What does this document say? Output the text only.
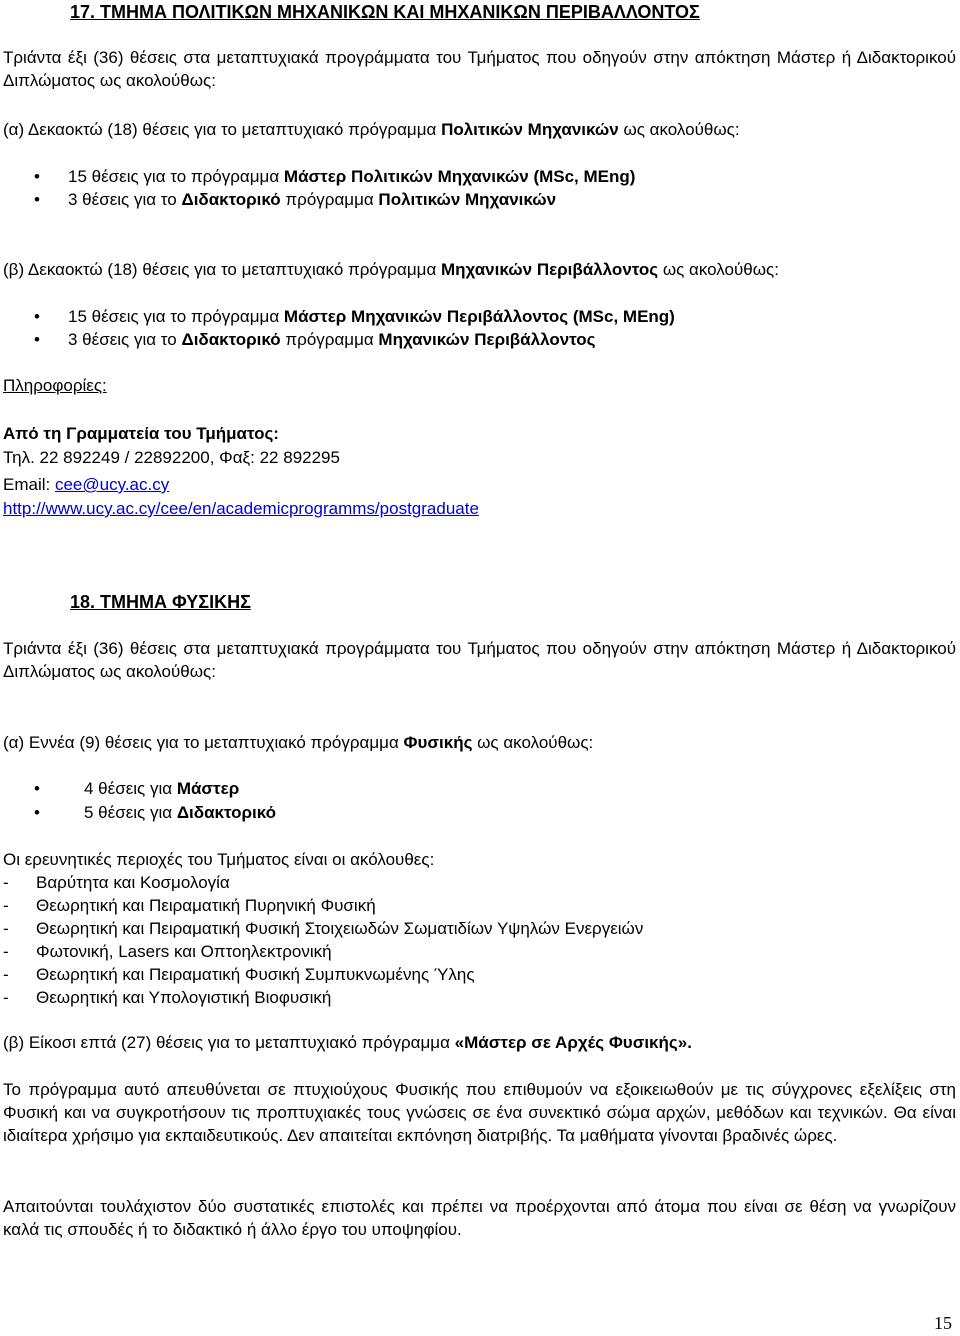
17. ΤΜΗΜΑ ΠΟΛΙΤΙΚΩΝ ΜΗΧΑΝΙΚΩΝ ΚΑΙ ΜΗΧΑΝΙΚΩΝ ΠΕΡΙΒΑΛΛΟΝΤΟΣ

Τριάντα έξι (36) θέσεις στα μεταπτυχιακά προγράμματα του Τμήματος που οδηγούν στην απόκτηση Μάστερ ή Διδακτορικού Διπλώματος ως ακολούθως:

(α) Δεκαοκτώ (18) θέσεις για το μεταπτυχιακό πρόγραμμα Πολιτικών Μηχανικών ως ακολούθως:

• 15 θέσεις για το πρόγραμμα Μάστερ Πολιτικών Μηχανικών (MSc, MEng)

• 3 θέσεις για το Διδακτορικό πρόγραμμα Πολιτικών Μηχανικών

(β) Δεκαοκτώ (18) θέσεις για το μεταπτυχιακό πρόγραμμα Μηχανικών Περιβάλλοντος ως ακολούθως:

• 15 θέσεις για το πρόγραμμα Μάστερ Μηχανικών Περιβάλλοντος (MSc, MEng)

• 3 θέσεις για το Διδακτορικό πρόγραμμα Μηχανικών Περιβάλλοντος

Πληροφορίες:

Από τη Γραμματεία του Τμήματος:

Τηλ. 22 892249 / 22892200, Φαξ: 22 892295

Email: cee@ucy.ac.cy

http://www.ucy.ac.cy/cee/en/academicprogramms/postgraduate

18. ΤΜΗΜΑ ΦΥΣΙΚΗΣ

Τριάντα έξι (36) θέσεις στα μεταπτυχιακά προγράμματα του Τμήματος που οδηγούν στην απόκτηση Μάστερ ή Διδακτορικού Διπλώματος ως ακολούθως:

(α) Εννέα (9) θέσεις για το μεταπτυχιακό πρόγραμμα Φυσικής ως ακολούθως:

•	4 θέσεις για Μάστερ

•	5 θέσεις για Διδακτορικό

Οι ερευνητικές περιοχές του Τμήματος είναι οι ακόλουθες:

- Βαρύτητα και Κοσμολογία

- Θεωρητική και Πειραματική Πυρηνική Φυσική

- Θεωρητική και Πειραματική Φυσική Στοιχειωδών Σωματιδίων Υψηλών Ενεργειών

- Φωτονική, Lasers και Οπτοηλεκτρονική

- Θεωρητική και Πειραματική Φυσική Συμπυκνωμένης Ύλης

- Θεωρητική και Υπολογιστική Βιοφυσική

(β) Είκοσι επτά (27) θέσεις για το μεταπτυχιακό πρόγραμμα «Μάστερ σε Αρχές Φυσικής».

Το πρόγραμμα αυτό απευθύνεται σε πτυχιούχους Φυσικής που επιθυμούν να εξοικειωθούν με τις σύγχρονες εξελίξεις στη Φυσική και να συγκροτήσουν τις προπτυχιακές τους γνώσεις σε ένα συνεκτικό σώμα αρχών, μεθόδων και τεχνικών. Θα είναι ιδιαίτερα χρήσιμο για εκπαιδευτικούς. Δεν απαιτείται εκπόνηση διατριβής. Τα μαθήματα γίνονται βραδινές ώρες.

Απαιτούνται τουλάχιστον δύο συστατικές επιστολές και πρέπει να προέρχονται από άτομα που είναι σε θέση να γνωρίζουν καλά τις σπουδές ή το διδακτικό ή άλλο έργο του υποψηφίου.

15
